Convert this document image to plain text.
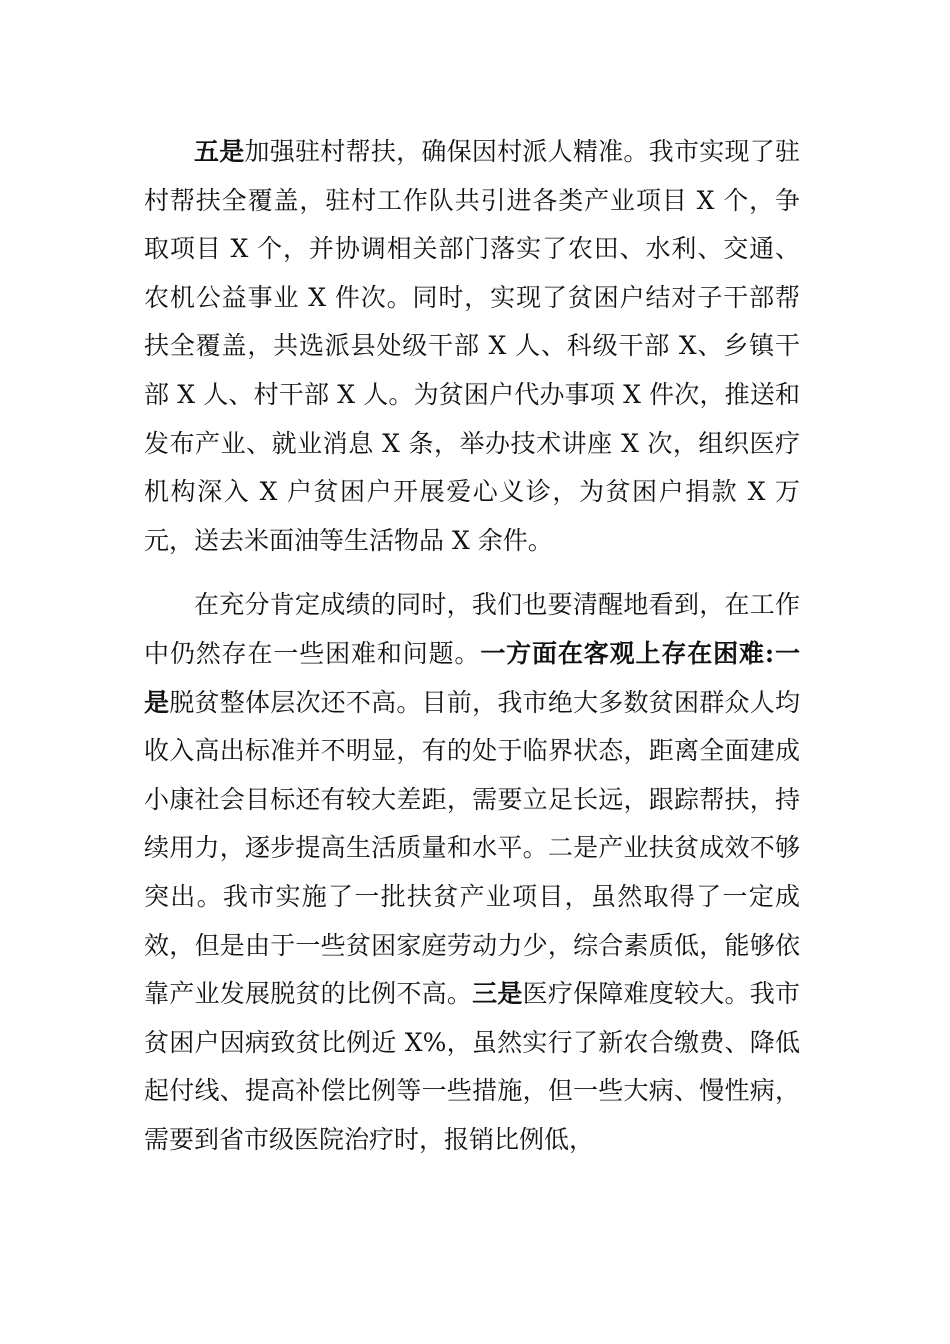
五是加强驻村帮扶，确保因村派人精准。我市实现了驻村帮扶全覆盖，驻村工作队共引进各类产业项目 X 个，争取项目 X 个，并协调相关部门落实了农田、水利、交通、农机公益事业 X 件次。同时，实现了贫困户结对子干部帮扶全覆盖，共选派县处级干部 X 人、科级干部 X、乡镇干部 X 人、村干部 X 人。为贫困户代办事项 X 件次，推送和发布产业、就业消息 X 条，举办技术讲座 X 次，组织医疗机构深入 X 户贫困户开展爱心义诊，为贫困户捐款 X 万元，送去米面油等生活物品 X 余件。

在充分肯定成绩的同时，我们也要清醒地看到，在工作中仍然存在一些困难和问题。一方面在客观上存在困难:一是脱贫整体层次还不高。目前，我市绝大多数贫困群众人均收入高出标准并不明显，有的处于临界状态，距离全面建成小康社会目标还有较大差距，需要立足长远，跟踪帮扶，持续用力，逐步提高生活质量和水平。二是产业扶贫成效不够突出。我市实施了一批扶贫产业项目，虽然取得了一定成效，但是由于一些贫困家庭劳动力少，综合素质低，能够依靠产业发展脱贫的比例不高。三是医疗保障难度较大。我市贫困户因病致贫比例近 X%，虽然实行了新农合缴费、降低起付线、提高补偿比例等一些措施，但一些大病、慢性病，需要到省市级医院治疗时，报销比例低，
